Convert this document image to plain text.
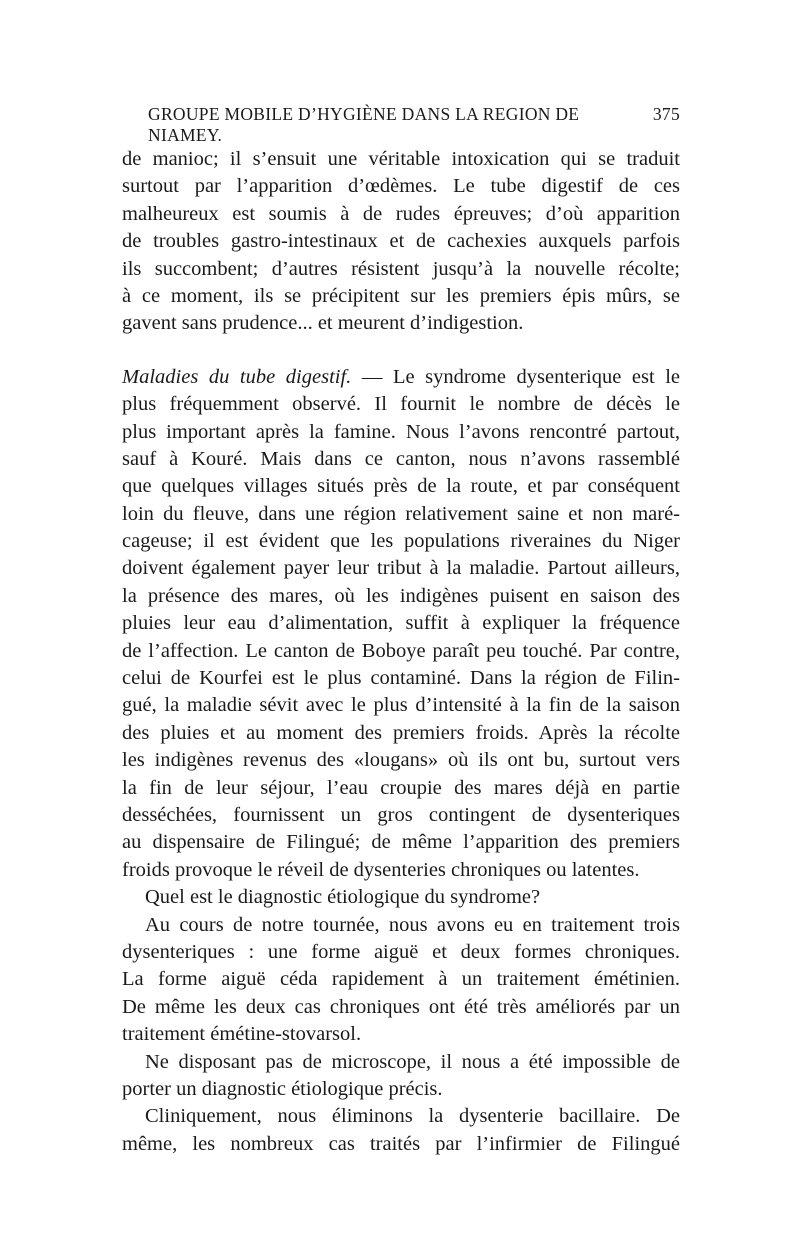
GROUPE MOBILE D’HYGIÈNE DANS LA REGION DE NIAMEY.
375
de manioc; il s’ensuit une véritable intoxication qui se traduit
surtout par l’apparition d’œdèmes. Le tube digestif de ces
malheureux est soumis à de rudes épreuves; d’où apparition
de troubles gastro-intestinaux et de cachexies auxquels parfois
ils succombent; d’autres résistent jusqu’à la nouvelle récolte;
à ce moment, ils se précipitent sur les premiers épis mûrs, se
gavent sans prudence... et meurent d’indigestion.
Maladies du tube digestif. — Le syndrome dysenterique est le
plus fréquemment observé. Il fournit le nombre de décès le
plus important après la famine. Nous l’avons rencontré partout,
sauf à Kouré. Mais dans ce canton, nous n’avons rassemblé
que quelques villages situés près de la route, et par conséquent
loin du fleuve, dans une région relativement saine et non maré-
cageuse; il est évident que les populations riveraines du Niger
doivent également payer leur tribut à la maladie. Partout ailleurs,
la présence des mares, où les indigènes puisent en saison des
pluies leur eau d’alimentation, suffit à expliquer la fréquence
de l’affection. Le canton de Boboye paraît peu touché. Par contre,
celui de Kourfei est le plus contaminé. Dans la région de Filin-
gué, la maladie sévit avec le plus d’intensité à la fin de la saison
des pluies et au moment des premiers froids. Après la récolte
les indigènes revenus des «lougans» où ils ont bu, surtout vers
la fin de leur séjour, l’eau croupie des mares déjà en partie
desséchées, fournissent un gros contingent de dysenteriques
au dispensaire de Filingué; de même l’apparition des premiers
froids provoque le réveil de dysenteries chroniques ou latentes.
Quel est le diagnostic étiologique du syndrome?
Au cours de notre tournée, nous avons eu en traitement trois
dysenteriques : une forme aiguë et deux formes chroniques.
La forme aiguë céda rapidement à un traitement émétinien.
De même les deux cas chroniques ont été très améliorés par un
traitement émétine-stovarsol.
Ne disposant pas de microscope, il nous a été impossible de
porter un diagnostic étiologique précis.
Cliniquement, nous éliminons la dysenterie bacillaire. De
même, les nombreux cas traités par l’infirmier de Filingué
